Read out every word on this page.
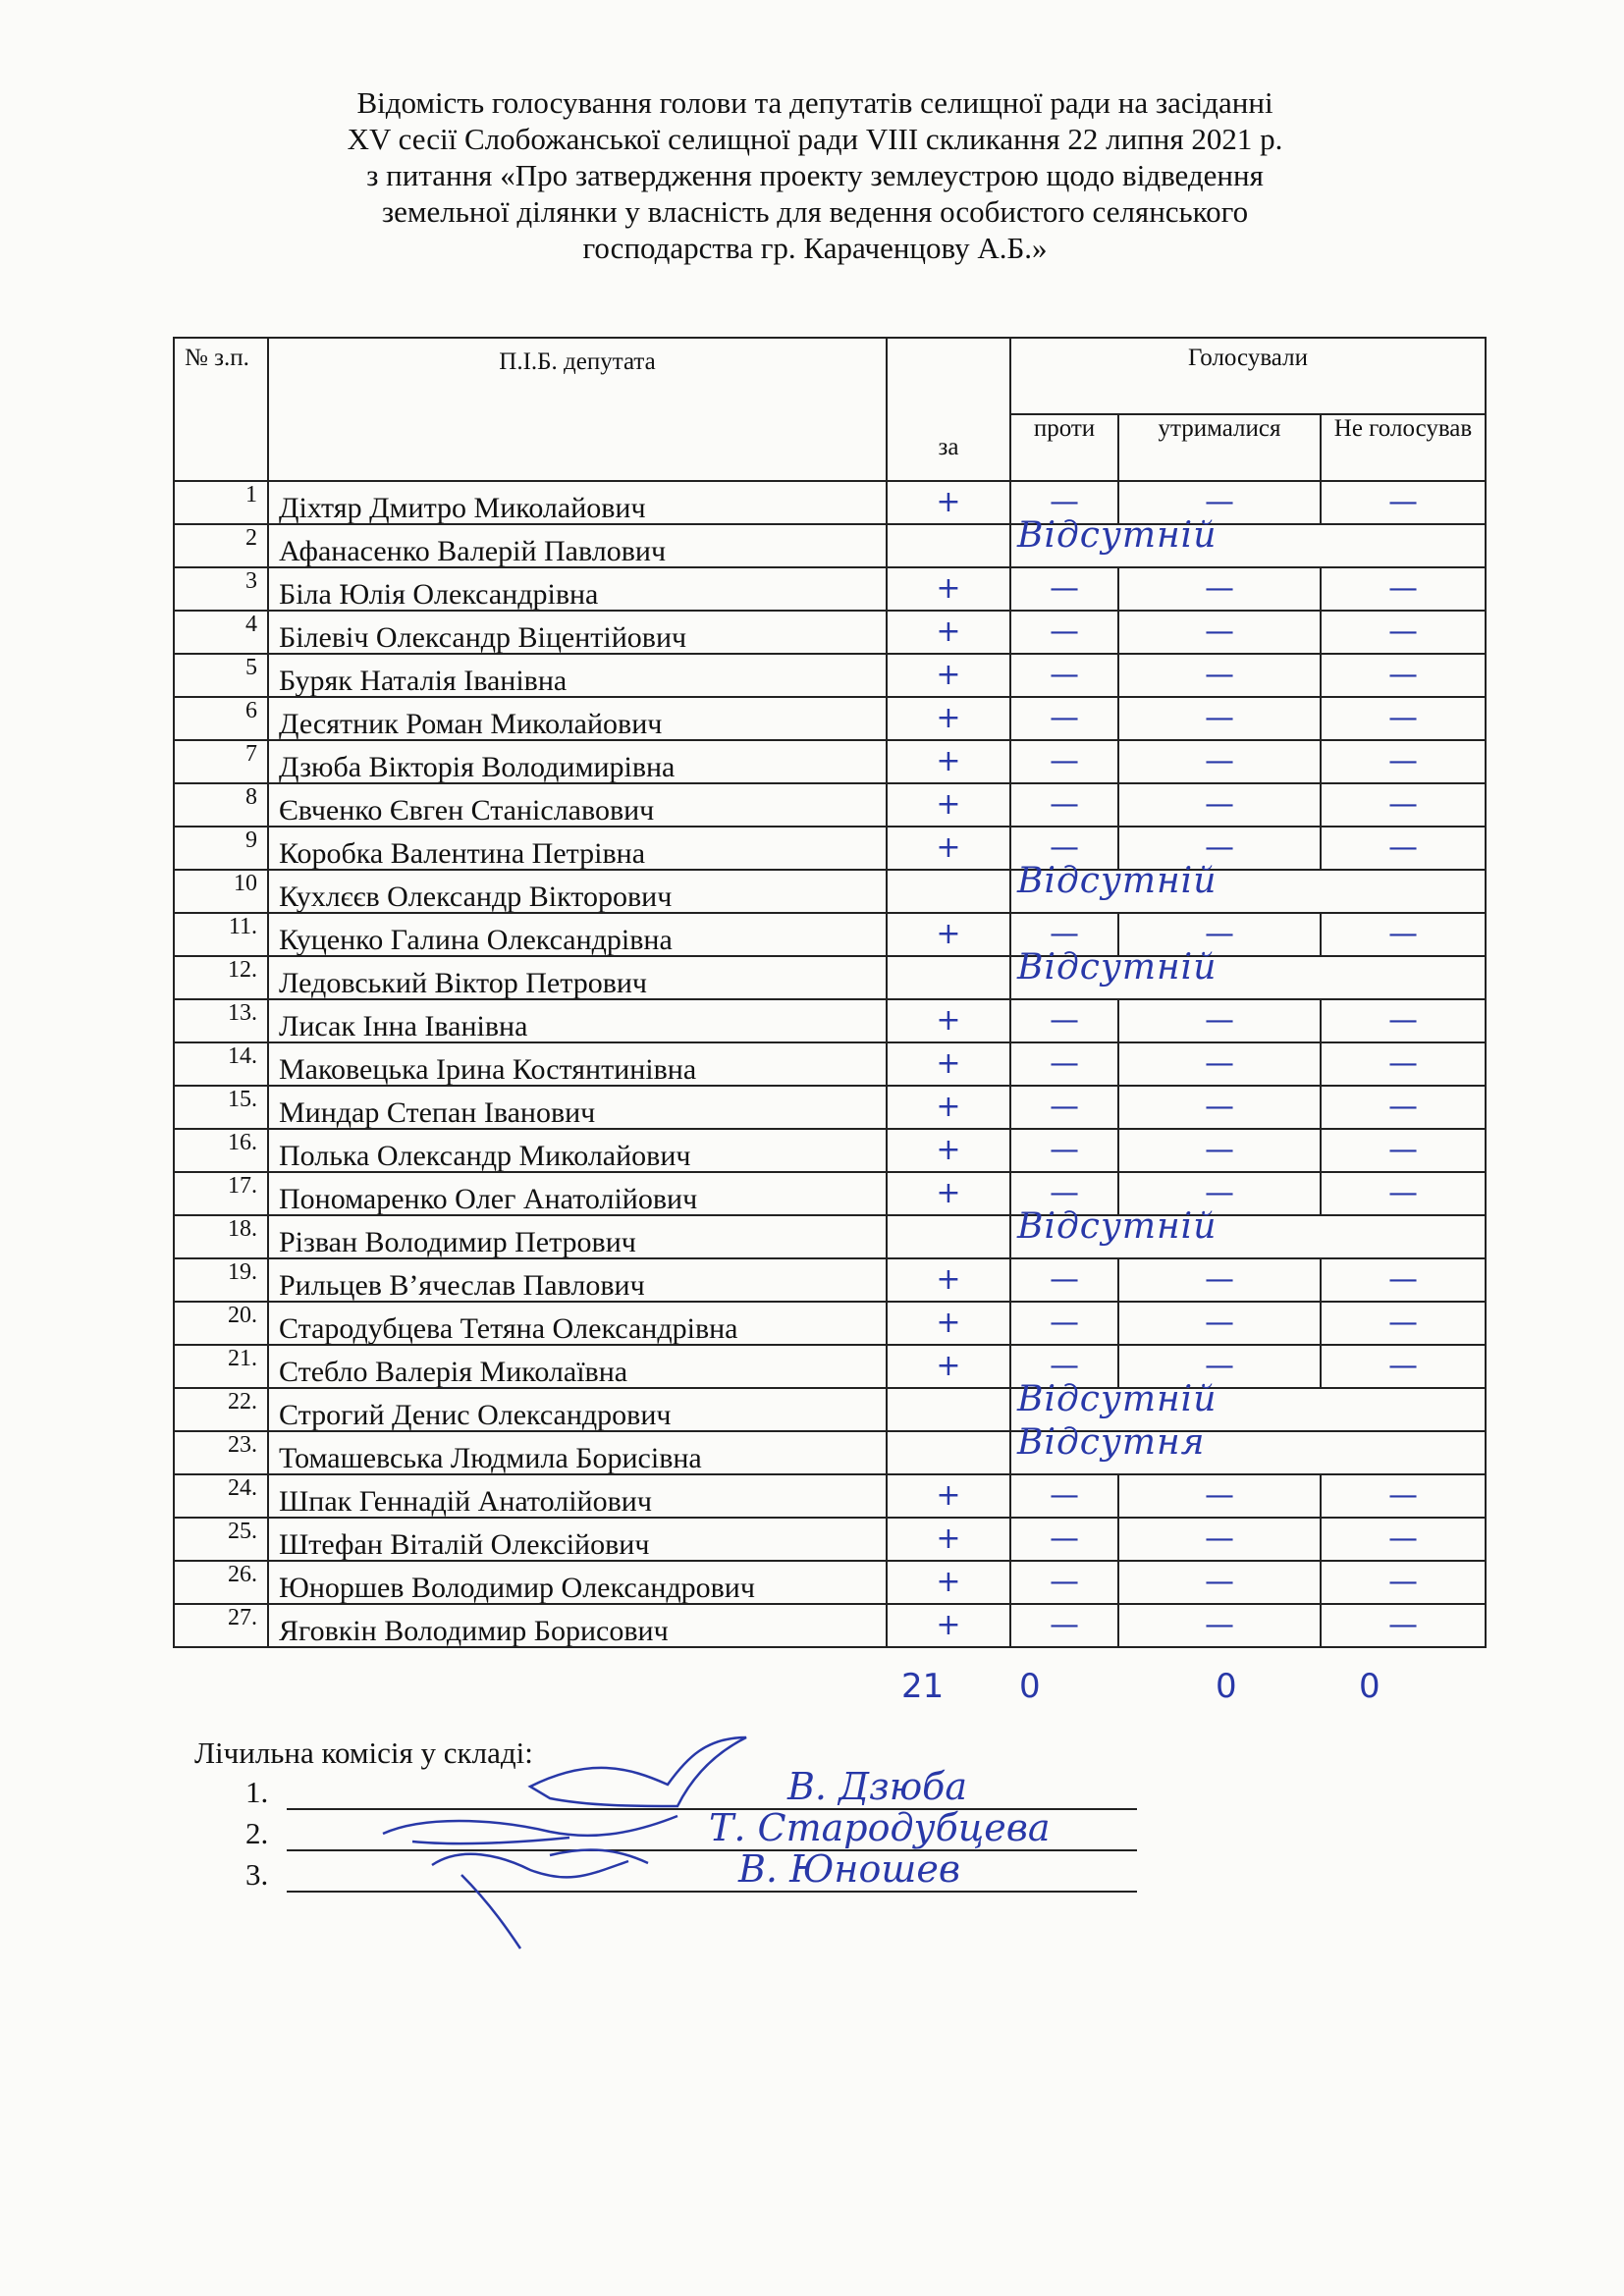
Відомість голосування голови та депутатів селищної ради на засіданні
XV сесії Слобожанської селищної ради VIII скликання 22 липня 2021 р.
з питання «Про затвердження проекту землеустрою щодо відведення
земельної ділянки у власність для ведення особистого селянського
господарства гр. Караченцову А.Б.»
№ з.п.	П.І.Б. депутата		Голосували		
		за	проти	утрималися	Не голосував
1	Діхтяр Дмитро Миколайович	+	—	—	—
2	Афанасенко Валерій Павлович		Відсутній		

3	Біла Юлія Олександрівна	+	—	—	—
4	Білевіч Олександр Віцентійович	+	—	—	—
5	Буряк Наталія Іванівна	+	—	—	—
6	Десятник Роман Миколайович	+	—	—	—
7	Дзюба Вікторія Володимирівна	+	—	—	—
8	Євченко Євген Станіславович	+	—	—	—
9	Коробка Валентина Петрівна	+	—	—	—
10	Кухлєєв Олександр Вікторович		Відсутній		

11.	Куценко Галина Олександрівна	+	—	—	—
12.	Ледовський Віктор Петрович		Відсутній		

13.	Лисак Інна Іванівна	+	—	—	—
14.	Маковецька Ірина Костянтинівна	+	—	—	—
15.	Миндар Степан Іванович	+	—	—	—
16.	Полька Олександр Миколайович	+	—	—	—
17.	Пономаренко Олег Анатолійович	+	—	—	—
18.	Різван Володимир Петрович		Відсутній		

19.	Рильцев В’ячеслав Павлович	+	—	—	—
20.	Стародубцева Тетяна Олександрівна	+	—	—	—
21.	Стебло Валерія Миколаївна	+	—	—	—
22.	Строгий Денис Олександрович		Відсутній		

23.	Томашевська Людмила Борисівна		Відсутня		

24.	Шпак Геннадій Анатолійович	+	—	—	—
25.	Штефан Віталій Олексійович	+	—	—	—
26.	Юноршев Володимир Олександрович	+	—	—	—
27.	Яговкін Володимир Борисович	+	—	—	—
21 0	0	0
Лічильна комісія у складі:
1.	В. Дзюба
2.	Т. Стародубцева
3.	В. Юношев
